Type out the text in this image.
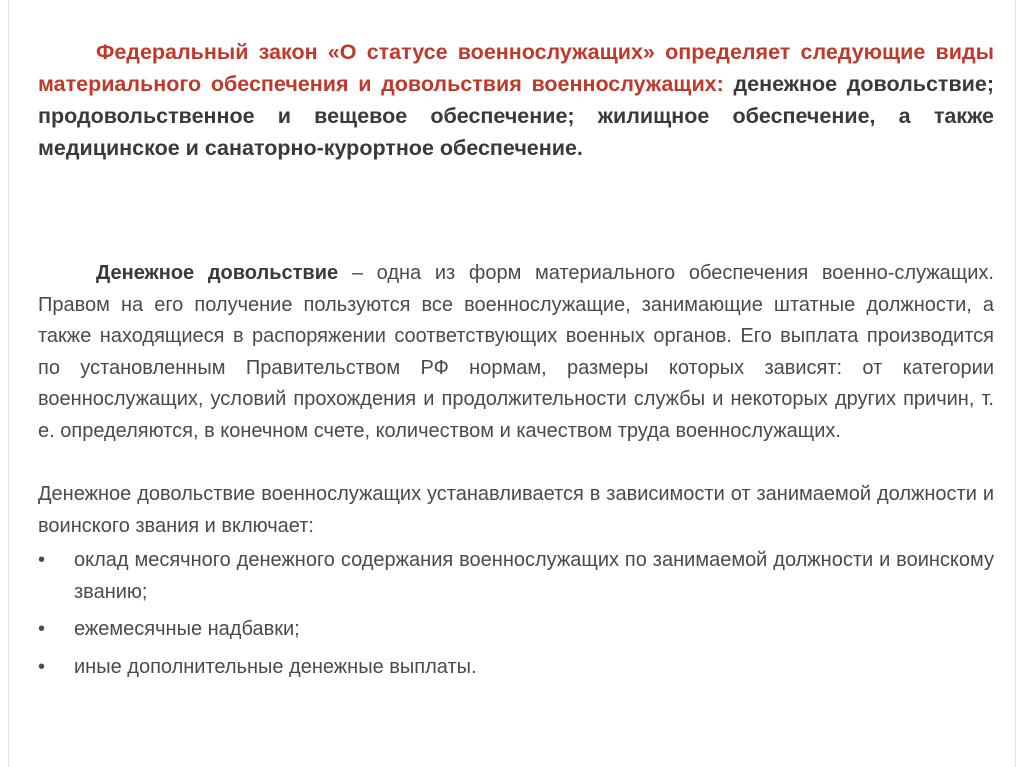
Федеральный закон «О статусе военнослужащих» определяет следующие виды материального обеспечения и довольствия военнослужащих: денежное довольствие; продовольственное и вещевое обеспечение; жилищное обеспечение, а также медицинское и санаторно-курортное обеспечение.
Денежное довольствие – одна из форм материального обеспечения военно-служащих. Правом на его получение пользуются все военнослужащие, занимающие штатные должности, а также находящиеся в распоряжении соответствующих военных органов. Его выплата производится по установленным Правительством РФ нормам, размеры которых зависят: от категории военнослужащих, условий прохождения и продолжительности службы и некоторых других причин, т. е. определяются, в конечном счете, количеством и качеством труда военнослужащих.
Денежное довольствие военнослужащих устанавливается в зависимости от занимаемой должности и воинского звания и включает:
•	оклад месячного денежного содержания военнослужащих по занимаемой должности и воинскому званию;
•	ежемесячные надбавки;
•	иные дополнительные денежные выплаты.
